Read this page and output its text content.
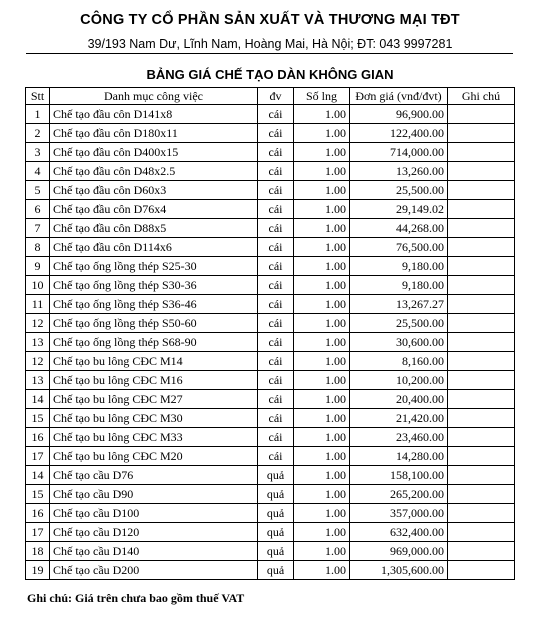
CÔNG TY CỔ PHẦN SẢN XUẤT VÀ THƯƠNG MẠI TĐT
39/193 Nam Dư, Lĩnh Nam, Hoàng Mai, Hà Nội; ĐT: 043 9997281
BẢNG GIÁ CHẾ TẠO DÀN KHÔNG GIAN
Stt	Danh mục công việc	đv	Số lng	Đơn giá (vnđ/đvt)	Ghi chú
1	Chế tạo đầu côn D141x8	cái	1.00	96,900.00	
2	Chế tạo đầu côn D180x11	cái	1.00	122,400.00	
3	Chế tạo đầu côn D400x15	cái	1.00	714,000.00	
4	Chế tạo đầu côn D48x2.5	cái	1.00	13,260.00	
5	Chế tạo đầu côn D60x3	cái	1.00	25,500.00	
6	Chế tạo đầu côn D76x4	cái	1.00	29,149.02	
7	Chế tạo đầu côn D88x5	cái	1.00	44,268.00	
8	Chế tạo đầu côn D114x6	cái	1.00	76,500.00	
9	Chế tạo ống lồng thép S25-30	cái	1.00	9,180.00	
10	Chế tạo ống lồng thép S30-36	cái	1.00	9,180.00	
11	Chế tạo ống lồng thép S36-46	cái	1.00	13,267.27	
12	Chế tạo ống lồng thép S50-60	cái	1.00	25,500.00	
13	Chế tạo ống lồng thép S68-90	cái	1.00	30,600.00	
12	Chế tạo bu lông CĐC M14	cái	1.00	8,160.00	
13	Chế tạo bu lông CĐC M16	cái	1.00	10,200.00	
14	Chế tạo bu lông CĐC M27	cái	1.00	20,400.00	
15	Chế tạo bu lông CĐC M30	cái	1.00	21,420.00	
16	Chế tạo bu lông CĐC M33	cái	1.00	23,460.00	
17	Chế tạo bu lông CĐC M20	cái	1.00	14,280.00	
14	Chế tạo cầu D76	quả	1.00	158,100.00	
15	Chế tạo cầu D90	quả	1.00	265,200.00	
16	Chế tạo cầu D100	quả	1.00	357,000.00	
17	Chế tạo cầu D120	quả	1.00	632,400.00	
18	Chế tạo cầu D140	quả	1.00	969,000.00	
19	Chế tạo cầu D200	quả	1.00	1,305,600.00	
Ghi chú: Giá trên chưa bao gồm thuế VAT
